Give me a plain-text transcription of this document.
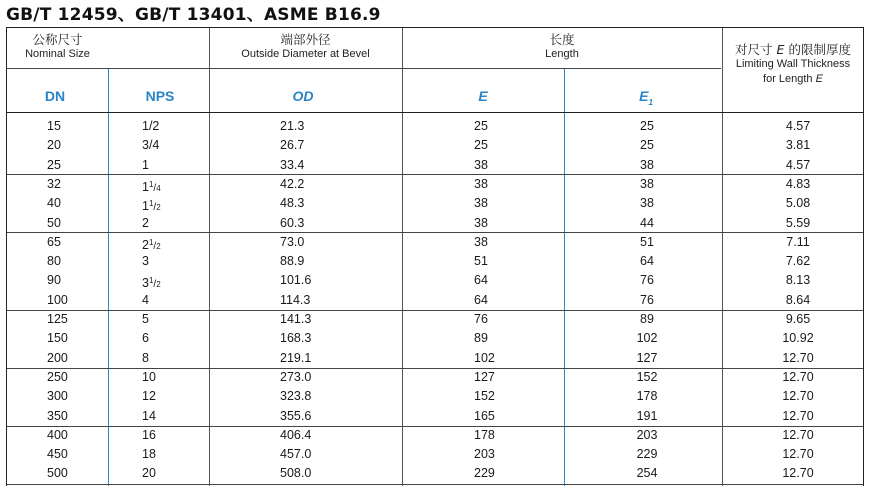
GB/T 12459、GB/T 13401、ASME B16.9
公称尺寸
Nominal Size
端部外径
Outside Diameter at Bevel
长度
Length	对尺寸 E 的限制厚度
Limiting Wall Thickness
for Length E
DN	NPS	OD	E	$E_1$
15	1/2	21.3	25	25	4.57
20	3/4	26.7	25	25	3.81
25	1	33.4	38	38	4.57
32	$1^1/4$	42.2	38	38	4.83
40	$1^1/2$	48.3	38	38	5.08
50	2	60.3	38	44	5.59
65	$2^1/2$	73.0	38	51	7.11
80	3	88.9	51	64	7.62
90	$3^1/2$	101.6	64	76	8.13
100	4	114.3	64	76	8.64
125	5	141.3	76	89	9.65
150	6	168.3	89	102	10.92
200	8	219.1	102	127	12.70
250	10	273.0	127	152	12.70
300	12	323.8	152	178	12.70
350	14	355.6	165	191	12.70
400	16	406.4	178	203	12.70
450	18	457.0	203	229	12.70
500	20	508.0	229	254	12.70
